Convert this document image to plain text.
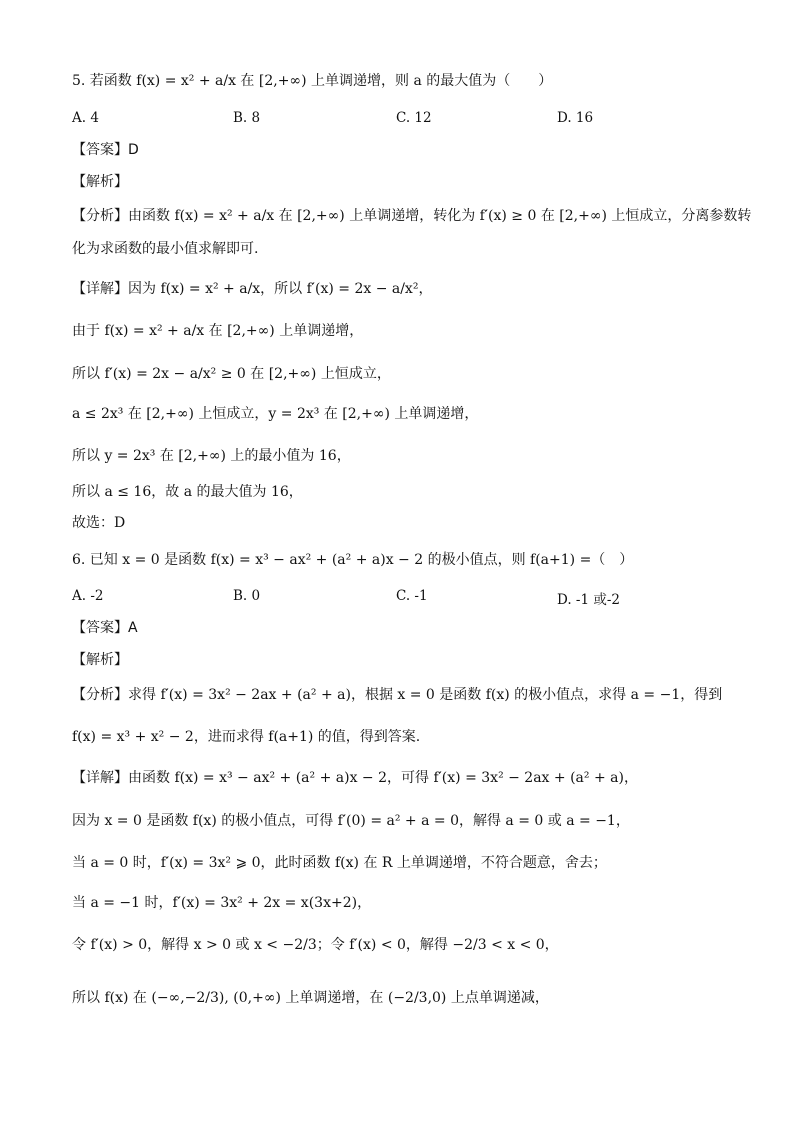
5. 若函数 f(x) = x² + a/x 在 [2,+∞) 上单调递增，则 a 的最大值为（　　）
A. 4	B. 8	C. 12	D. 16
【答案】D
【解析】
【分析】由函数 f(x) = x² + a/x 在 [2,+∞) 上单调递增，转化为 f′(x) ≥ 0 在 [2,+∞) 上恒成立，分离参数转
化为求函数的最小值求解即可.
【详解】因为 f(x) = x² + a/x，所以 f′(x) = 2x − a/x²，
由于 f(x) = x² + a/x 在 [2,+∞) 上单调递增，
所以 f′(x) = 2x − a/x² ≥ 0 在 [2,+∞) 上恒成立，
a ≤ 2x³ 在 [2,+∞) 上恒成立，y = 2x³ 在 [2,+∞) 上单调递增，
所以 y = 2x³ 在 [2,+∞) 上的最小值为 16，
所以 a ≤ 16，故 a 的最大值为 16，
故选：D
6. 已知 x = 0 是函数 f(x) = x³ − ax² + (a² + a)x − 2 的极小值点，则 f(a+1) =（　）
A. -2	B. 0	C. -1	D. -1 或-2
【答案】A
【解析】
【分析】求得 f′(x) = 3x² − 2ax + (a² + a)，根据 x = 0 是函数 f(x) 的极小值点，求得 a = −1，得到
f(x) = x³ + x² − 2，进而求得 f(a+1) 的值，得到答案.
【详解】由函数 f(x) = x³ − ax² + (a² + a)x − 2，可得 f′(x) = 3x² − 2ax + (a² + a)，
因为 x = 0 是函数 f(x) 的极小值点，可得 f′(0) = a² + a = 0，解得 a = 0 或 a = −1，
当 a = 0 时，f′(x) = 3x² ⩾ 0，此时函数 f(x) 在 R 上单调递增，不符合题意，舍去；
当 a = −1 时，f′(x) = 3x² + 2x = x(3x+2)，
令 f′(x) > 0，解得 x > 0 或 x < −2/3；令 f′(x) < 0，解得 −2/3 < x < 0，
所以 f(x) 在 (−∞,−2/3), (0,+∞) 上单调递增，在 (−2/3,0) 上点单调递减，
